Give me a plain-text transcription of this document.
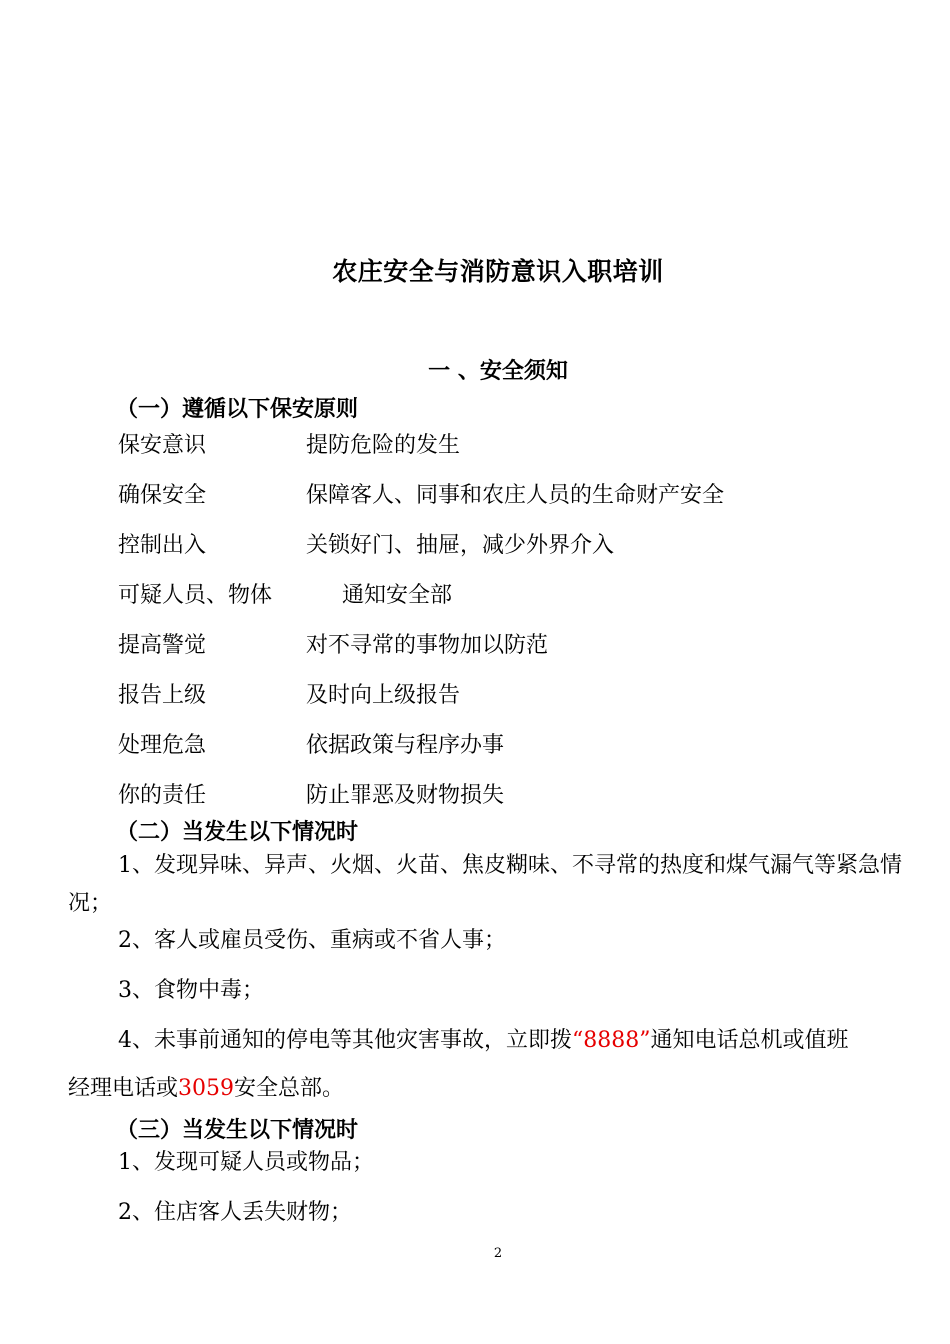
农庄安全与消防意识入职培训
一 、安全须知
（一）遵循以下保安原则
保安意识	提防危险的发生
确保安全	保障客人、同事和农庄人员的生命财产安全
控制出入	关锁好门、抽屉，减少外界介入
可疑人员、物体	通知安全部
提高警觉	对不寻常的事物加以防范
报告上级	及时向上级报告
处理危急	依据政策与程序办事
你的责任	防止罪恶及财物损失
（二）当发生以下情况时
1、发现异味、异声、火烟、火苗、焦皮糊味、不寻常的热度和煤气漏气等紧急情
况；
2、客人或雇员受伤、重病或不省人事；
3、食物中毒；
4、未事前通知的停电等其他灾害事故，立即拨“8888”通知电话总机或值班
经理电话或3059安全总部。
（三）当发生以下情况时
1、发现可疑人员或物品；
2、住店客人丢失财物；
2
